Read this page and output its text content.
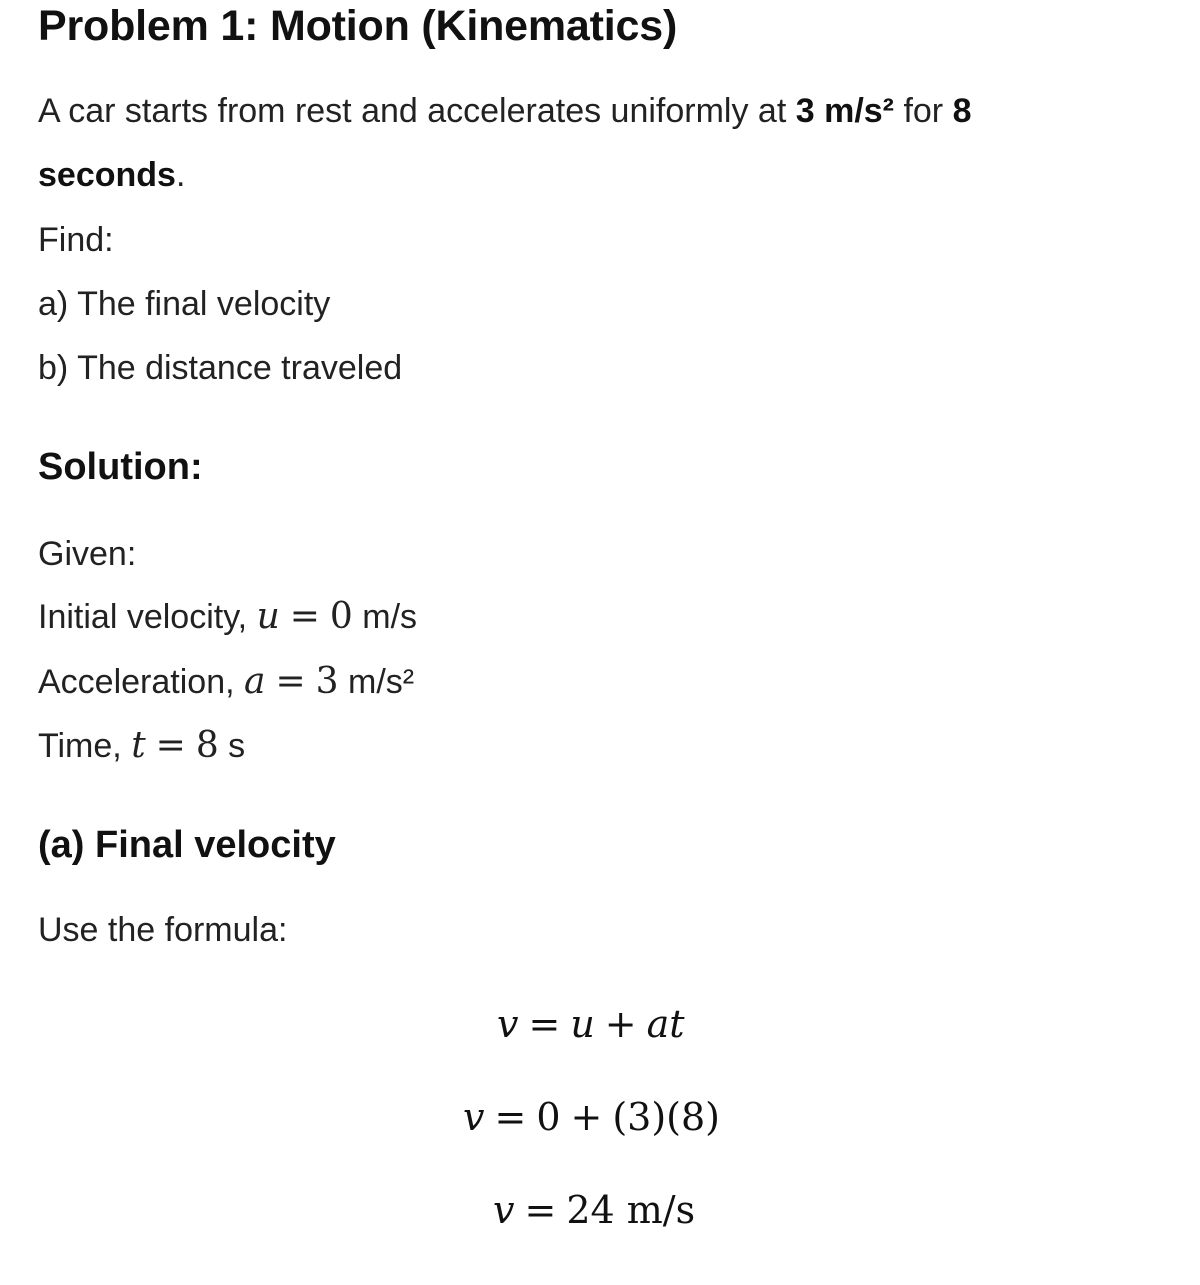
Problem 1: Motion (Kinematics)
A car starts from rest and accelerates uniformly at 3 m/s² for 8
seconds.
Find:
a) The final velocity
b) The distance traveled
Solution:
Given:
Initial velocity, u = 0 m/s
Acceleration, a = 3 m/s²
Time, t = 8 s
(a) Final velocity
Use the formula:
v = u + at
v = 0 + (3)(8)
v = 24 m/s
